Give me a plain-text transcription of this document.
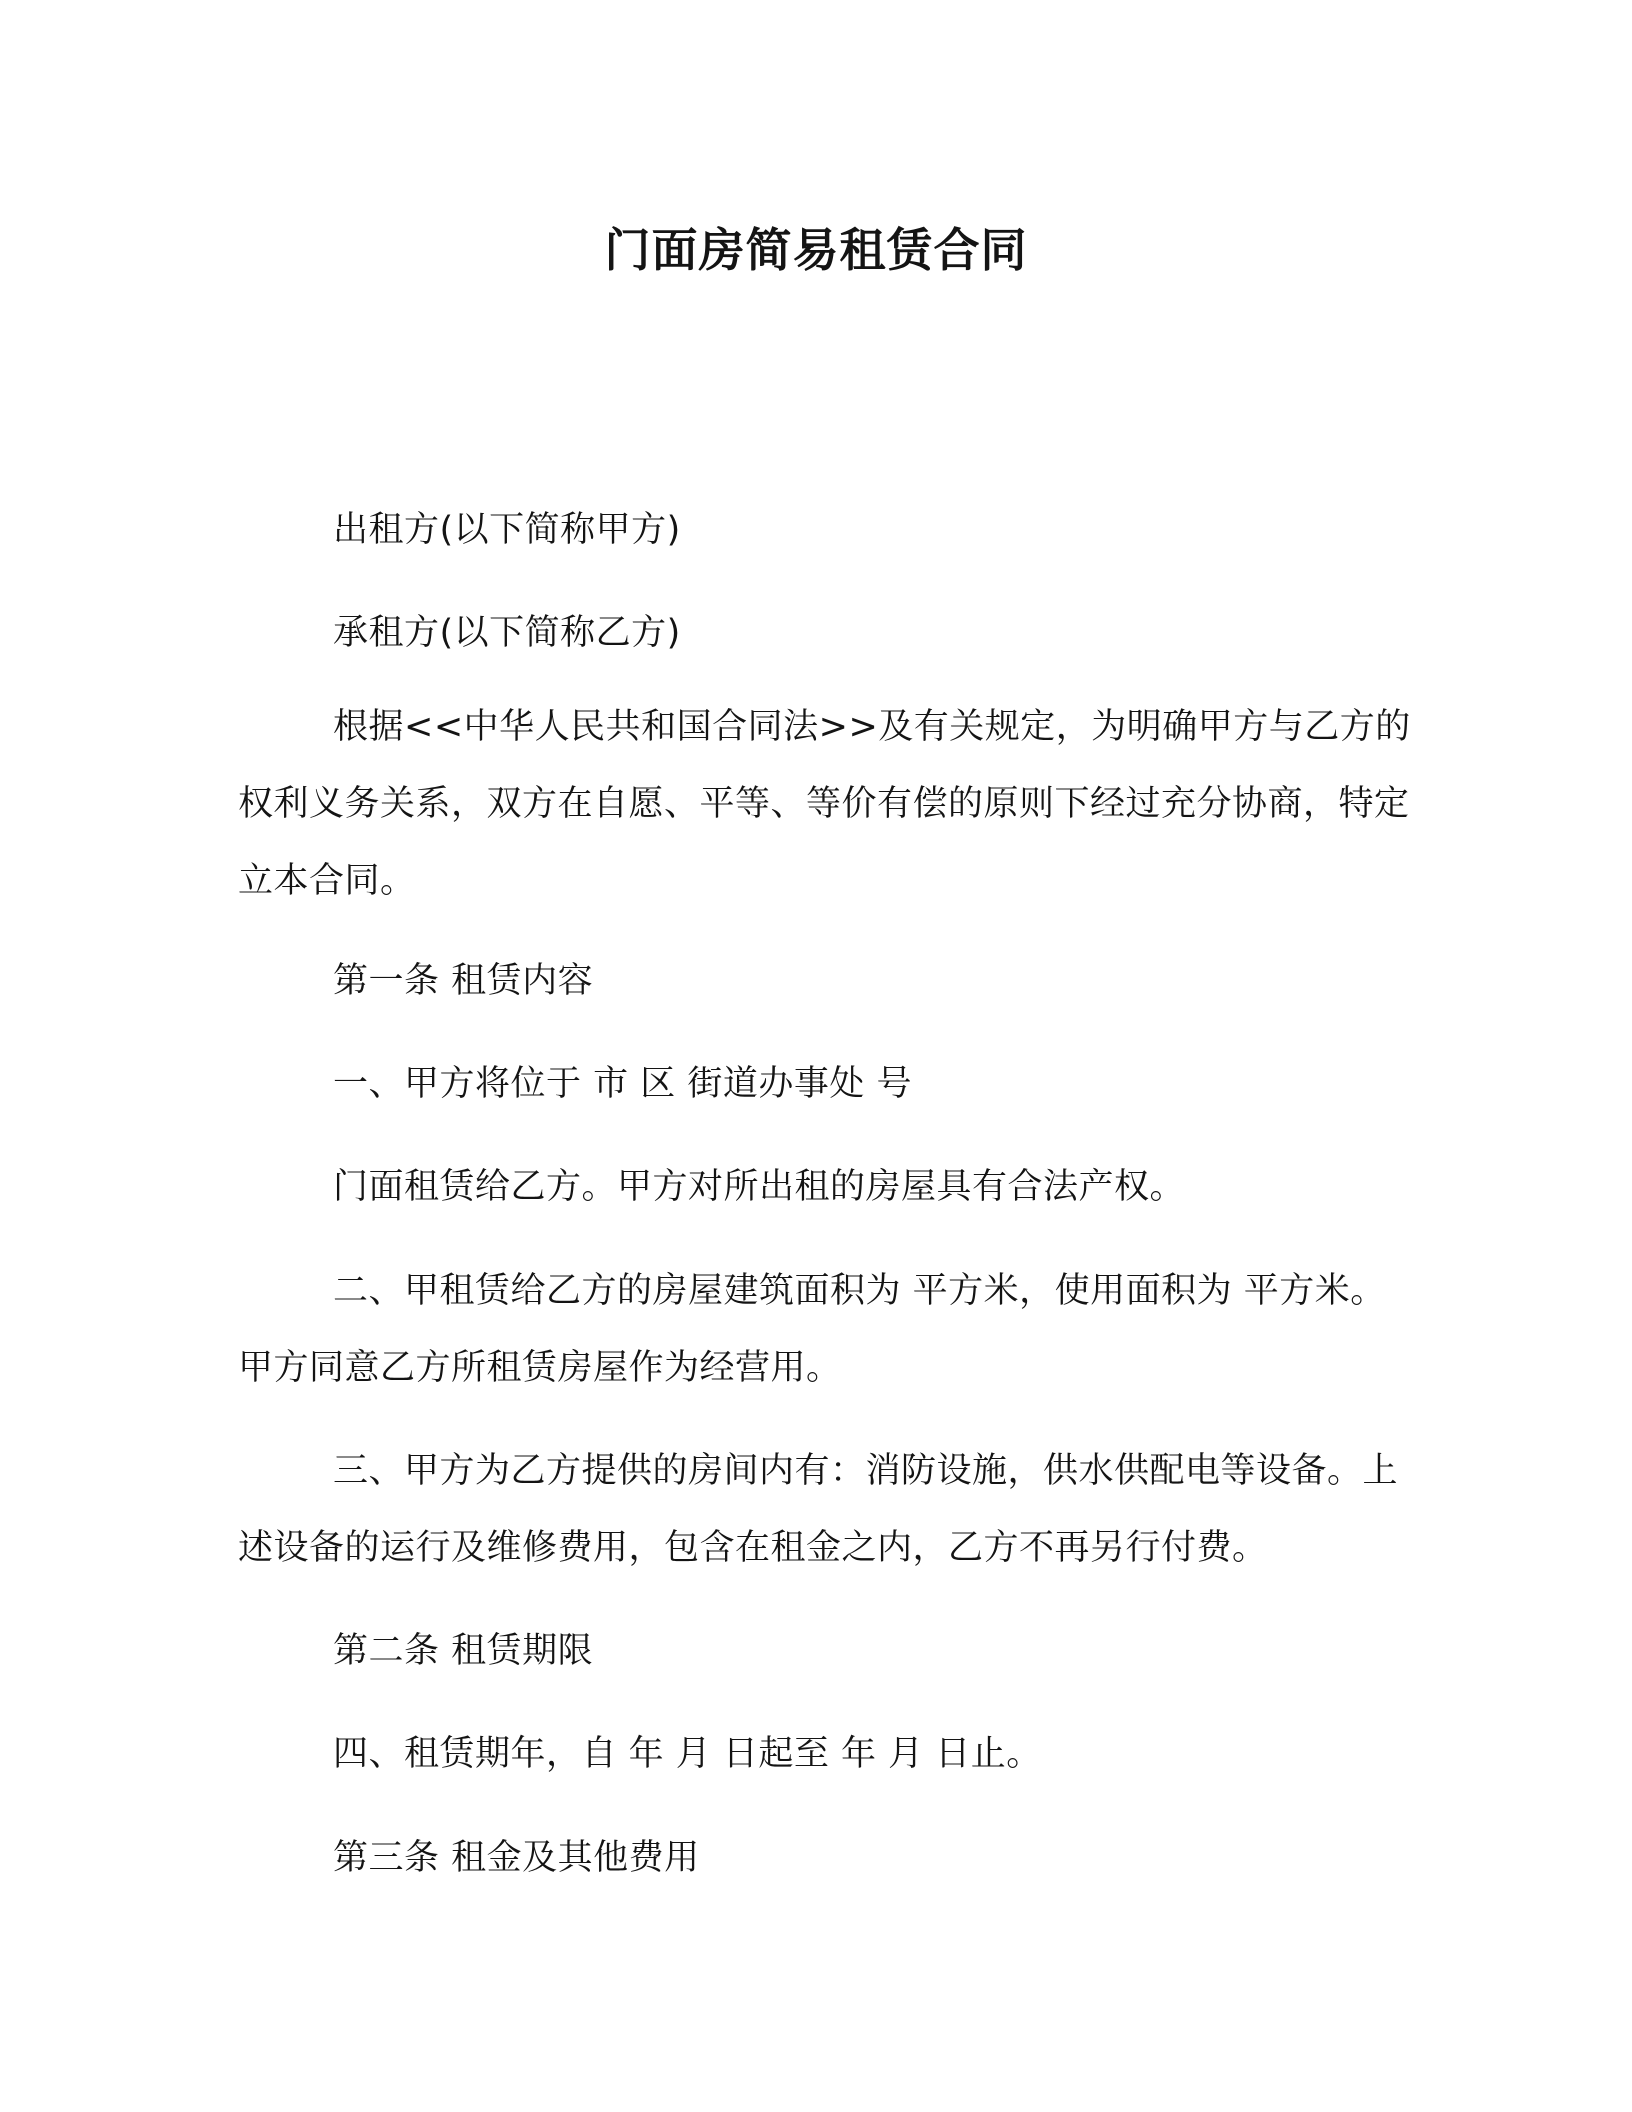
门面房简易租赁合同

出租方(以下简称甲方)

承租方(以下简称乙方)

根据<<中华人民共和国合同法>>及有关规定，为明确甲方与乙方的权利义务关系，双方在自愿、平等、等价有偿的原则下经过充分协商，特定立本合同。

第一条 租赁内容

一、甲方将位于 市 区 街道办事处 号

门面租赁给乙方。甲方对所出租的房屋具有合法产权。

二、甲租赁给乙方的房屋建筑面积为 平方米，使用面积为 平方米。甲方同意乙方所租赁房屋作为经营用。

三、甲方为乙方提供的房间内有：消防设施，供水供配电等设备。上述设备的运行及维修费用，包含在租金之内，乙方不再另行付费。

第二条 租赁期限

四、租赁期年，自 年 月 日起至 年 月 日止。

第三条 租金及其他费用
